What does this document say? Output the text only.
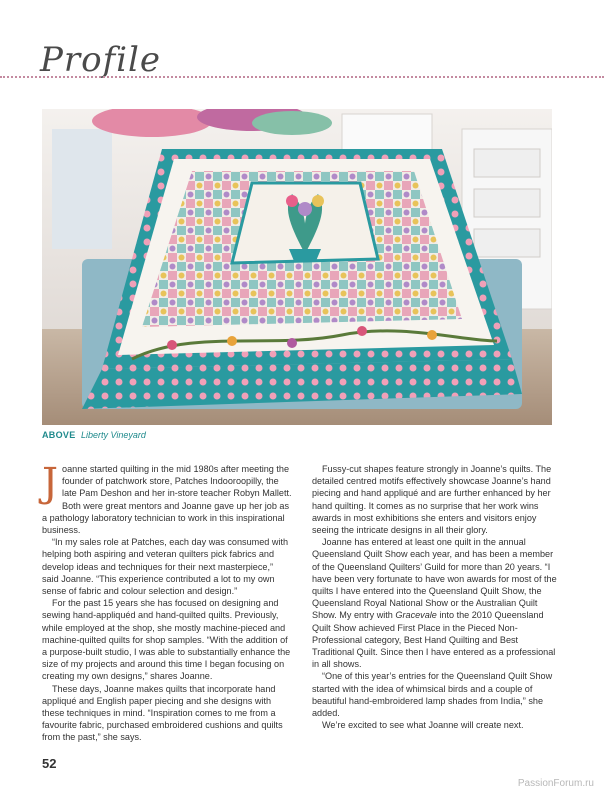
Profile
ABOVE Liberty Vineyard

Joanne started quilting in the mid 1980s after meeting the founder of patchwork store, Patches Indooroopilly, the late Pam Deshon and her in-store teacher Robyn Mallett. Both were great mentors and Joanne gave up her job as a pathology laboratory technician to work in this inspirational business.

“In my sales role at Patches, each day was consumed with helping both aspiring and veteran quilters pick fabrics and develop ideas and techniques for their next masterpiece,” said Joanne. “This experience contributed a lot to my own sense of fabric and colour selection and design.”

For the past 15 years she has focused on designing and sewing hand-appliquéd and hand-quilted quilts. Previously, while employed at the shop, she mostly machine-pieced and machine-quilted quilts for shop samples. “With the addition of a purpose-built studio, I was able to substantially enhance the size of my projects and around this time I began focusing on creating my own designs,” shares Joanne.

These days, Joanne makes quilts that incorporate hand appliqué and English paper piecing and she designs with these techniques in mind. “Inspiration comes to me from a favourite fabric, purchased embroidered cushions and quilts from the past,” she says.

Fussy-cut shapes feature strongly in Joanne’s quilts. The detailed centred motifs effectively showcase Joanne’s hand piecing and hand appliqué and are further enhanced by her hand quilting. It comes as no surprise that her work wins awards in most exhibitions she enters and visitors enjoy seeing the intricate designs in all their glory.

Joanne has entered at least one quilt in the annual Queensland Quilt Show each year, and has been a member of the Queensland Quilters’ Guild for more than 20 years. “I have been very fortunate to have won awards for most of the quilts I have entered into the Queensland Quilt Show, the Queensland Royal National Show or the Australian Quilt Show. My entry with Gracevale into the 2010 Queensland Quilt Show achieved First Place in the Pieced Non-Professional category, Best Hand Quilting and Best Traditional Quilt. Since then I have entered as a professional in all shows.

“One of this year’s entries for the Queensland Quilt Show started with the idea of whimsical birds and a couple of beautiful hand-embroidered lamp shades from India,” she added.

We’re excited to see what Joanne will create next.

52
PassionForum.ru
